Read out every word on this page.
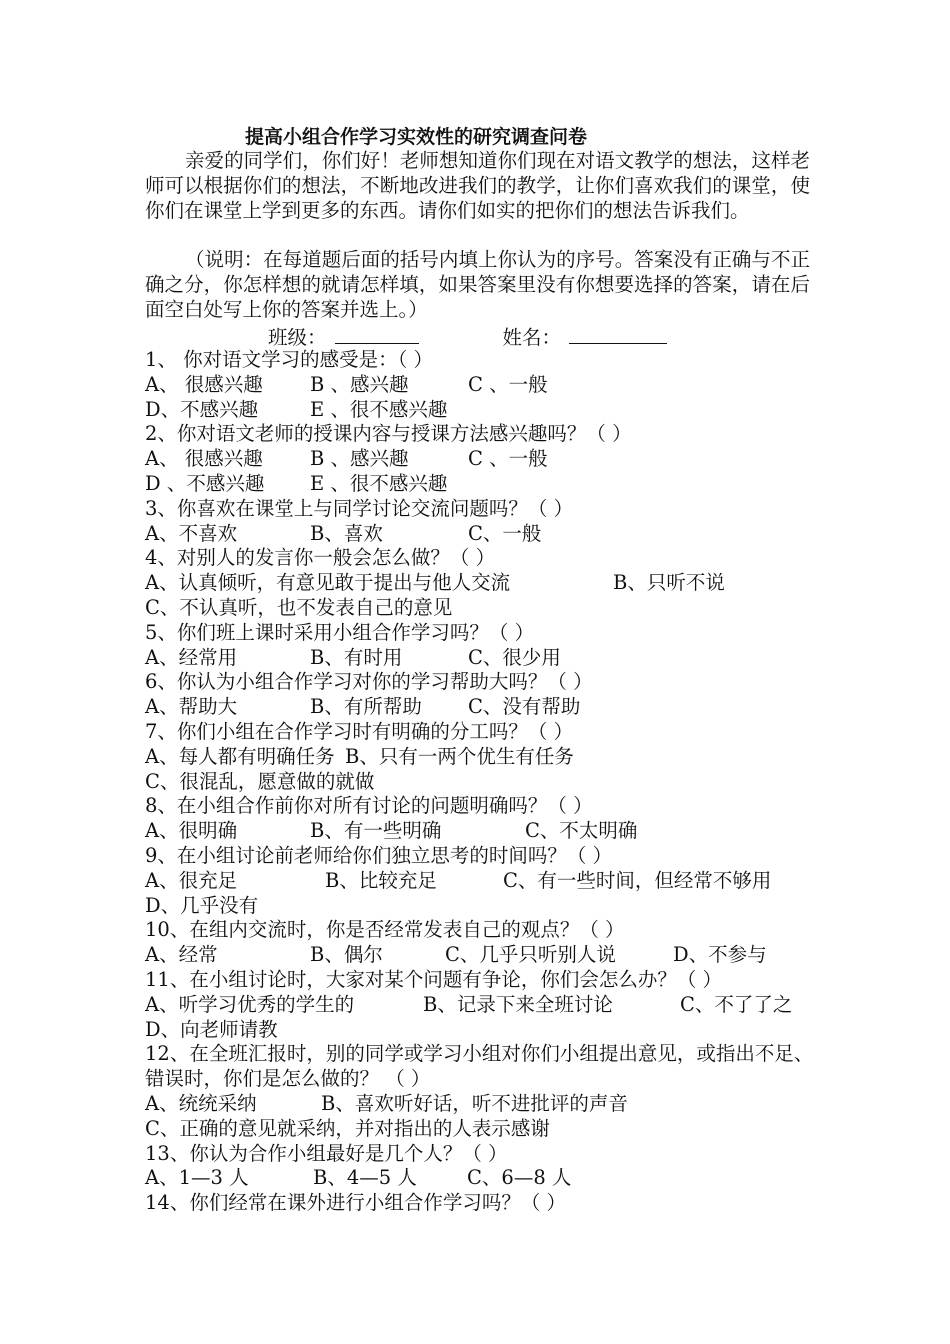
提高小组合作学习实效性的研究调查问卷
亲爱的同学们，你们好！老师想知道你们现在对语文教学的想法，这样老师可以根据你们的想法，不断地改进我们的教学，让你们喜欢我们的课堂，使你们在课堂上学到更多的东西。请你们如实的把你们的想法告诉我们。
（说明：在每道题后面的括号内填上你认为的序号。答案没有正确与不正确之分，你怎样想的就请怎样填，如果答案里没有你想要选择的答案，请在后面空白处写上你的答案并选上。）
班级：	姓名：
1、 你对语文学习的感受是：（ ）
A、 很感兴趣 B 、感兴趣	C 、一般
D、不感兴趣	E 、很不感兴趣
2、你对语文老师的授课内容与授课方法感兴趣吗？（ ）
A、 很感兴趣 B 、感兴趣	C 、一般
D 、不感兴趣 E 、很不感兴趣
3、你喜欢在课堂上与同学讨论交流问题吗？（ ）
A、不喜欢	B、喜欢	C、一般
4、对别人的发言你一般会怎么做？（ ）
A、认真倾听，有意见敢于提出与他人交流	B、只听不说
C、不认真听，也不发表自己的意见
5、你们班上课时采用小组合作学习吗？（ ）
A、经常用	B、有时用	C、很少用
6、你认为小组合作学习对你的学习帮助大吗？（ ）
A、帮助大	B、有所帮助 C、没有帮助
7、你们小组在合作学习时有明确的分工吗？（ ）
A、每人都有明确任务 B、只有一两个优生有任务
C、很混乱，愿意做的就做
8、在小组合作前你对所有讨论的问题明确吗？（ ）
A、很明确	B、有一些明确	C、不太明确
9、在小组讨论前老师给你们独立思考的时间吗？（ ）
A、很充足	B、比较充足	C、有一些时间，但经常不够用
D、几乎没有
10、在组内交流时，你是否经常发表自己的观点？（ ）
A、经常	B、偶尔	C、几乎只听别人说	D、不参与
11、在小组讨论时，大家对某个问题有争论，你们会怎么办？（ ）
A、听学习优秀的学生的	B、记录下来全班讨论	C、不了了之
D、向老师请教
12、在全班汇报时，别的同学或学习小组对你们小组提出意见，或指出不足、错误时，你们是怎么做的？ （ ）
A、统统采纳	B、喜欢听好话，听不进批评的声音
C、正确的意见就采纳，并对指出的人表示感谢
13、你认为合作小组最好是几个人？（ ）
A、1—3 人	B、4—5 人	C、6—8 人
14、你们经常在课外进行小组合作学习吗？（ ）
